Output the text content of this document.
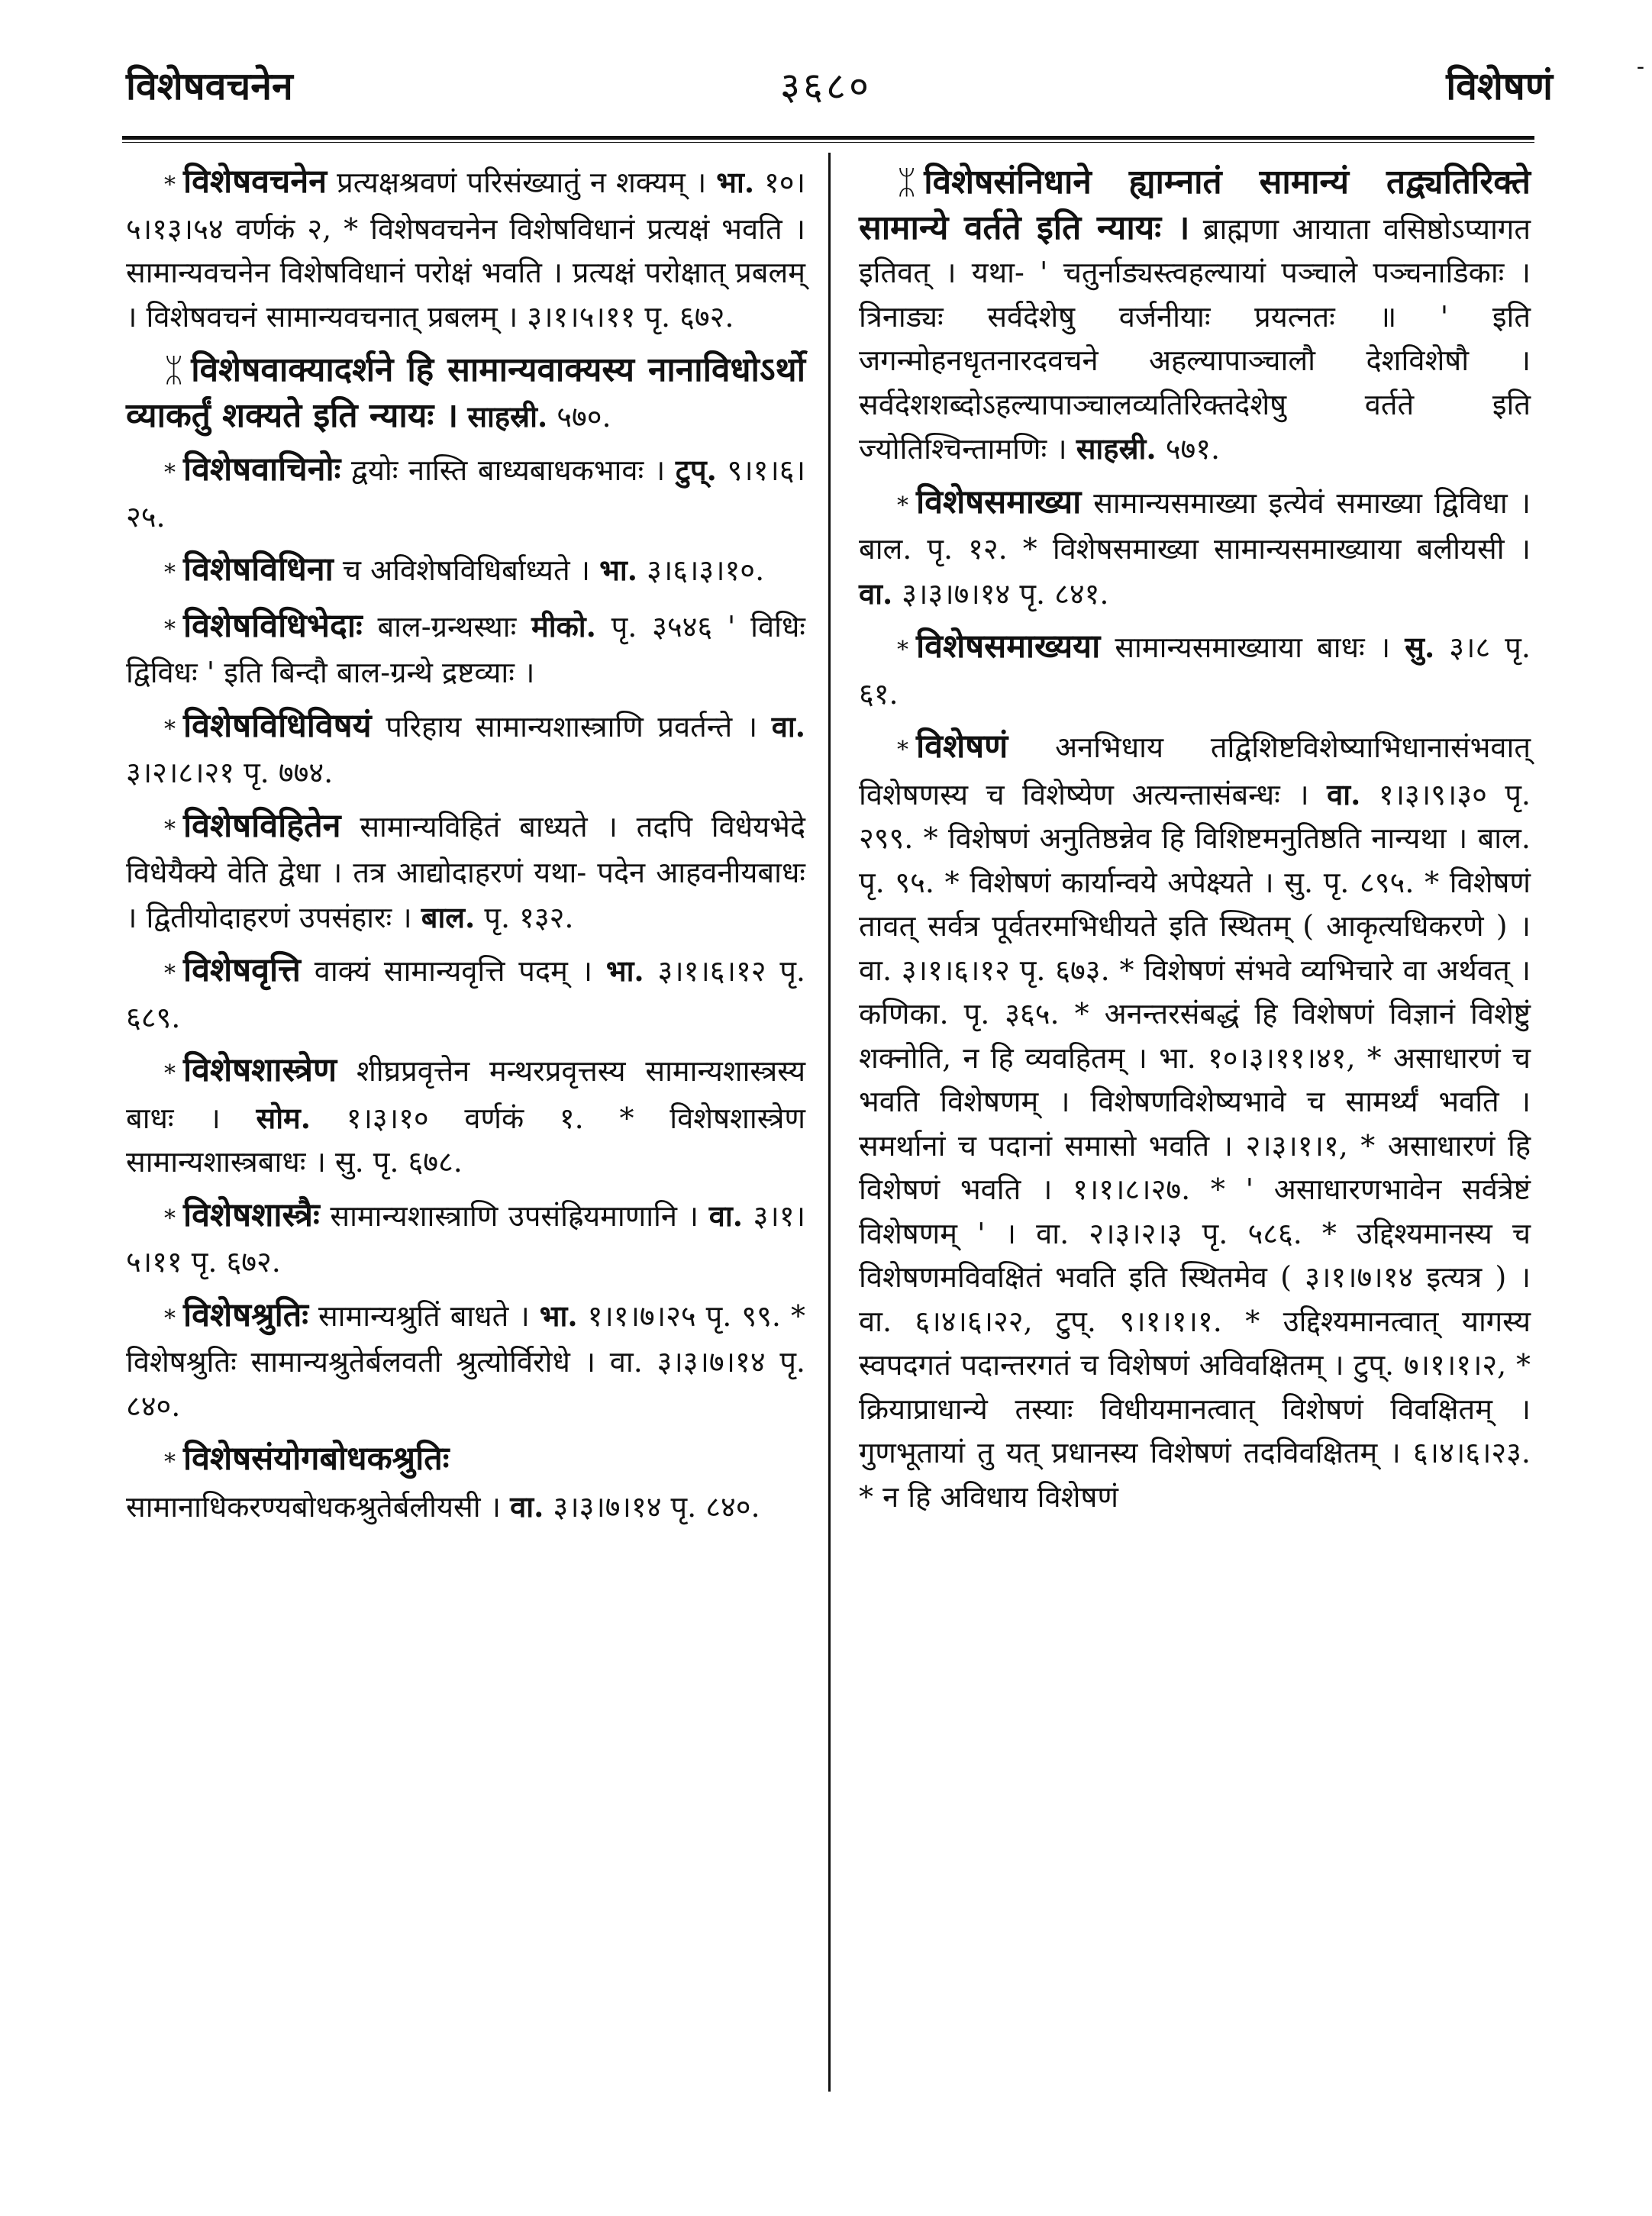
विशेषवचनेन	३६८०	विशेषणं	-

* विशेषवचनेन प्रत्यक्षश्रवणं परिसंख्यातुं न शक्यम् । भा. १०।५।१३।५४ वर्णकं २, * विशेषवचनेन विशेषविधानं प्रत्यक्षं भवति । सामान्यवचनेन विशेषविधानं परोक्षं भवति । प्रत्यक्षं परोक्षात् प्रबलम् । विशेषवचनं सामान्यवचनात् प्रबलम् । ३।१।५।११ पृ. ६७२.

ᛯ विशेषवाक्यादर्शने हि सामान्यवाक्यस्य नानाविधोऽर्थो व्याकर्तुं शक्यते इति न्यायः । साहस्री. ५७०.

* विशेषवाचिनोः द्वयोः नास्ति बाध्यबाधकभावः । टुप्. ९।१।६।२५.

* विशेषविधिना च अविशेषविधिर्बाध्यते । भा. ३।६।३।१०.

* विशेषविधिभेदाः बाल-ग्रन्थस्थाः मीको. पृ. ३५४६ ' विधिः द्विविधः ' इति बिन्दौ बाल-ग्रन्थे द्रष्टव्याः ।

* विशेषविधिविषयं परिहाय सामान्यशास्त्राणि प्रवर्तन्ते । वा. ३।२।८।२१ पृ. ७७४.

* विशेषविहितेन सामान्यविहितं बाध्यते । तदपि विधेयभेदे विधेयैक्ये वेति द्वेधा । तत्र आद्योदाहरणं यथा- पदेन आहवनीयबाधः । द्वितीयोदाहरणं उपसंहारः । बाल. पृ. १३२.

* विशेषवृत्ति वाक्यं सामान्यवृत्ति पदम् । भा. ३।१।६।१२ पृ. ६८९.

* विशेषशास्त्रेण शीघ्रप्रवृत्तेन मन्थरप्रवृत्तस्य सामान्यशास्त्रस्य बाधः । सोम. १।३।१० वर्णकं १. * विशेषशास्त्रेण सामान्यशास्त्रबाधः । सु. पृ. ६७८.

* विशेषशास्त्रैः सामान्यशास्त्राणि उपसंह्रियमाणानि । वा. ३।१।५।११ पृ. ६७२.

* विशेषश्रुतिः सामान्यश्रुतिं बाधते । भा. १।१।७।२५ पृ. ९९. * विशेषश्रुतिः सामान्यश्रुतेर्बलवती श्रुत्योर्विरोधे । वा. ३।३।७।१४ पृ. ८४०.

* विशेषसंयोगबोधकश्रुतिः सामानाधिकरण्यबोधकश्रुतेर्बलीयसी । वा. ३।३।७।१४ पृ. ८४०.

ᛯ विशेषसंनिधाने ह्याम्नातं सामान्यं तद्व्यतिरिक्ते सामान्ये वर्तते इति न्यायः । ब्राह्मणा आयाता वसिष्ठोऽप्यागत इतिवत् । यथा- ' चतुर्नाड्यस्त्वहल्यायां पञ्चाले पञ्चनाडिकाः । त्रिनाड्यः सर्वदेशेषु वर्जनीयाः प्रयत्नतः ॥ ' इति जगन्मोहनधृतनारदवचने अहल्यापाञ्चालौ देशविशेषौ । सर्वदेशशब्दोऽहल्यापाञ्चालव्यतिरिक्तदेशेषु वर्तते इति ज्योतिश्चिन्तामणिः । साहस्री. ५७१.

* विशेषसमाख्या सामान्यसमाख्या इत्येवं समाख्या द्विविधा । बाल. पृ. १२. * विशेषसमाख्या सामान्यसमाख्याया बलीयसी । वा. ३।३।७।१४ पृ. ८४१.

* विशेषसमाख्यया सामान्यसमाख्याया बाधः । सु. ३।८ पृ. ६१.

* विशेषणं अनभिधाय तद्विशिष्टविशेष्याभिधानासंभवात् विशेषणस्य च विशेष्येण अत्यन्तासंबन्धः । वा. १।३।९।३० पृ. २९९. * विशेषणं अनुतिष्ठन्नेव हि विशिष्टमनुतिष्ठति नान्यथा । बाल. पृ. ९५. * विशेषणं कार्यान्वये अपेक्ष्यते । सु. पृ. ८९५. * विशेषणं तावत् सर्वत्र पूर्वतरमभिधीयते इति स्थितम् ( आकृत्यधिकरणे ) । वा. ३।१।६।१२ पृ. ६७३. * विशेषणं संभवे व्यभिचारे वा अर्थवत् । कणिका. पृ. ३६५. * अनन्तरसंबद्धं हि विशेषणं विज्ञानं विशेष्टुं शक्नोति, न हि व्यवहितम् । भा. १०।३।११।४१, * असाधारणं च भवति विशेषणम् । विशेषणविशेष्यभावे च सामर्थ्यं भवति । समर्थानां च पदानां समासो भवति । २।३।१।१, * असाधारणं हि विशेषणं भवति । १।१।८।२७. * ' असाधारणभावेन सर्वत्रेष्टं विशेषणम् ' । वा. २।३।२।३ पृ. ५८६. * उद्दिश्यमानस्य च विशेषणमविवक्षितं भवति इति स्थितमेव ( ३।१।७।१४ इत्यत्र ) । वा. ६।४।६।२२, टुप्. ९।१।१।१. * उद्दिश्यमानत्वात् यागस्य स्वपदगतं पदान्तरगतं च विशेषणं अविवक्षितम् । टुप्. ७।१।१।२, * क्रियाप्राधान्ये तस्याः विधीयमानत्वात् विशेषणं विवक्षितम् । गुणभूतायां तु यत् प्रधानस्य विशेषणं तदविवक्षितम् । ६।४।६।२३. * न हि अविधाय विशेषणं
